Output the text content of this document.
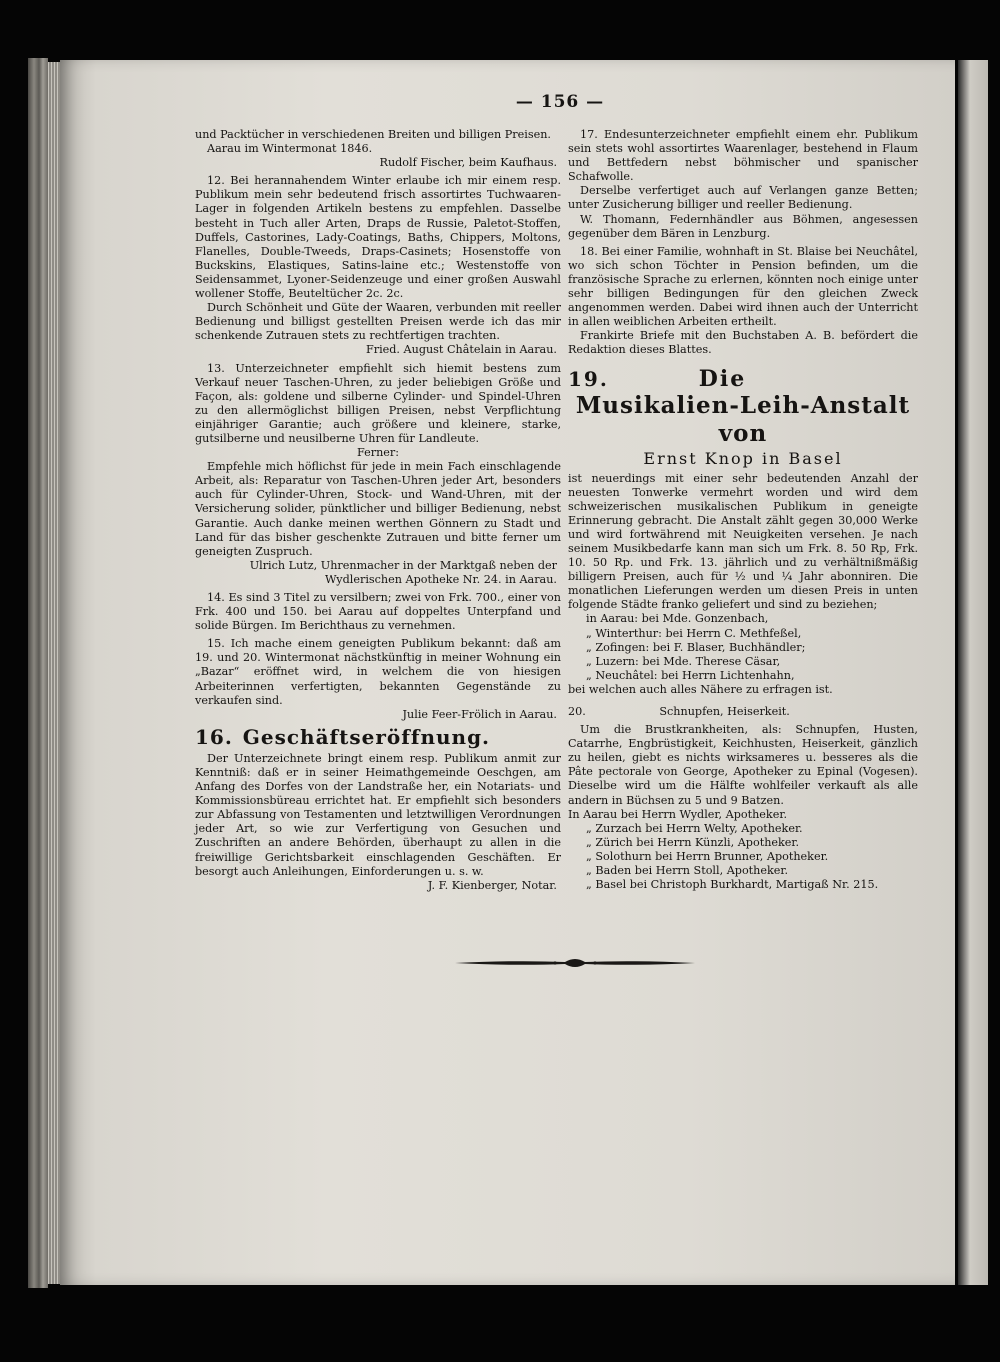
— 156 —

und Packtücher in verschiedenen Breiten und billigen Preisen.

Aarau im Wintermonat 1846.

Rudolf Fischer, beim Kaufhaus.

12. Bei herannahendem Winter erlaube ich mir einem resp. Publikum mein sehr bedeutend frisch assortirtes Tuchwaaren-Lager in folgenden Artikeln bestens zu empfehlen. Dasselbe besteht in Tuch aller Arten, Draps de Russie, Paletot-Stoffen, Duffels, Castorines, Lady-Coatings, Baths, Chippers, Moltons, Flanelles, Double-Tweeds, Draps-Casinets; Hosenstoffe von Buckskins, Elastiques, Satins-laine etc.; Westenstoffe von Seidensammet, Lyoner-Seidenzeuge und einer großen Auswahl wollener Stoffe, Beuteltücher 2c. 2c.

Durch Schönheit und Güte der Waaren, verbunden mit reeller Bedienung und billigst gestellten Preisen werde ich das mir schenkende Zutrauen stets zu rechtfertigen trachten.

Fried. August Châtelain in Aarau.

13. Unterzeichneter empfiehlt sich hiemit bestens zum Verkauf neuer Taschen-Uhren, zu jeder beliebigen Größe und Façon, als: goldene und silberne Cylinder- und Spindel-Uhren zu den allermöglichst billigen Preisen, nebst Verpflichtung einjähriger Garantie; auch größere und kleinere, starke, gutsilberne und neusilberne Uhren für Landleute.

Ferner:

Empfehle mich höflichst für jede in mein Fach einschlagende Arbeit, als: Reparatur von Taschen-Uhren jeder Art, besonders auch für Cylinder-Uhren, Stock- und Wand-Uhren, mit der Versicherung solider, pünktlicher und billiger Bedienung, nebst Garantie. Auch danke meinen werthen Gönnern zu Stadt und Land für das bisher geschenkte Zutrauen und bitte ferner um geneigten Zuspruch.

Ulrich Lutz, Uhrenmacher in der Marktgaß neben der Wydlerischen Apotheke Nr. 24. in Aarau.

14. Es sind 3 Titel zu versilbern; zwei von Frk. 700., einer von Frk. 400 und 150. bei Aarau auf doppeltes Unterpfand und solide Bürgen. Im Berichthaus zu vernehmen.

15. Ich mache einem geneigten Publikum bekannt: daß am 19. und 20. Wintermonat nächstkünftig in meiner Wohnung ein „Bazar“ eröffnet wird, in welchem die von hiesigen Arbeiterinnen verfertigten, bekannten Gegenstände zu verkaufen sind.

Julie Feer-Frölich in Aarau.

16. Geschäftseröffnung.

Der Unterzeichnete bringt einem resp. Publikum anmit zur Kenntniß: daß er in seiner Heimathgemeinde Oeschgen, am Anfang des Dorfes von der Landstraße her, ein Notariats- und Kommissionsbüreau errichtet hat. Er empfiehlt sich besonders zur Abfassung von Testamenten und letztwilligen Verordnungen jeder Art, so wie zur Verfertigung von Gesuchen und Zuschriften an andere Behörden, überhaupt zu allen in die freiwillige Gerichtsbarkeit einschlagenden Geschäften. Er besorgt auch Anleihungen, Einforderungen u. s. w.

J. F. Kienberger, Notar.

17. Endesunterzeichneter empfiehlt einem ehr. Publikum sein stets wohl assortirtes Waarenlager, bestehend in Flaum und Bettfedern nebst böhmischer und spanischer Schafwolle.

Derselbe verfertiget auch auf Verlangen ganze Betten; unter Zusicherung billiger und reeller Bedienung.

W. Thomann, Federnhändler aus Böhmen, angesessen gegenüber dem Bären in Lenzburg.

18. Bei einer Familie, wohnhaft in St. Blaise bei Neuchâtel, wo sich schon Töchter in Pension befinden, um die französische Sprache zu erlernen, könnten noch einige unter sehr billigen Bedingungen für den gleichen Zweck angenommen werden. Dabei wird ihnen auch der Unterricht in allen weiblichen Arbeiten ertheilt.

Frankirte Briefe mit den Buchstaben A. B. befördert die Redaktion dieses Blattes.

19.	Die
Musikalien-Leih-Anstalt von
Ernst Knop in Basel

ist neuerdings mit einer sehr bedeutenden Anzahl der neuesten Tonwerke vermehrt worden und wird dem schweizerischen musikalischen Publikum in geneigte Erinnerung gebracht. Die Anstalt zählt gegen 30,000 Werke und wird fortwährend mit Neuigkeiten versehen. Je nach seinem Musikbedarfe kann man sich um Frk. 8. 50 Rp, Frk. 10. 50 Rp. und Frk. 13. jährlich und zu verhältnißmäßig billigern Preisen, auch für ½ und ¼ Jahr abonniren. Die monatlichen Lieferungen werden um diesen Preis in unten folgende Städte franko geliefert und sind zu beziehen;

in Aarau: bei Mde. Gonzenbach,

„ Winterthur: bei Herrn C. Methfeßel,

„ Zofingen: bei F. Blaser, Buchhändler;

„ Luzern: bei Mde. Therese Cäsar,

„ Neuchâtel: bei Herrn Lichtenhahn,

bei welchen auch alles Nähere zu erfragen ist.

20.	Schnupfen, Heiserkeit.

Um die Brustkrankheiten, als: Schnupfen, Husten, Catarrhe, Engbrüstigkeit, Keichhusten, Heiserkeit, gänzlich zu heilen, giebt es nichts wirksameres u. besseres als die Pâte pectorale von George, Apotheker zu Epinal (Vogesen). Dieselbe wird um die Hälfte wohlfeiler verkauft als alle andern in Büchsen zu 5 und 9 Batzen.

In Aarau bei Herrn Wydler, Apotheker.

„ Zurzach bei Herrn Welty, Apotheker.

„ Zürich bei Herrn Künzli, Apotheker.

„ Solothurn bei Herrn Brunner, Apotheker.

„ Baden bei Herrn Stoll, Apotheker.

„ Basel bei Christoph Burkhardt, Martigaß Nr. 215.
